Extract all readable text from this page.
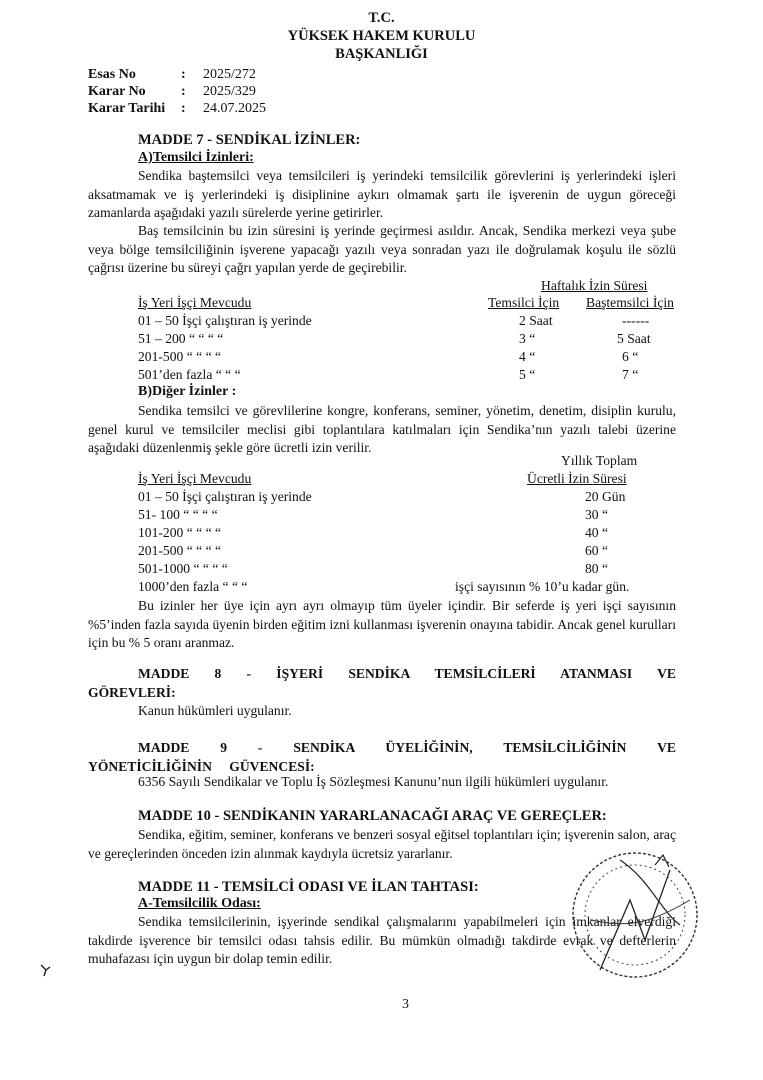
T.C.
YÜKSEK HAKEM KURULU
BAŞKANLIĞI
Esas No	: 2025/272
Karar No	: 2025/329
Karar Tarihi : 24.07.2025
MADDE 7 - SENDİKAL İZİNLER:
A)Temsilci İzinleri:
Sendika baştemsilci veya temsilcileri iş yerindeki temsilcilik görevlerini iş yerlerindeki işleri aksatmamak ve iş yerlerindeki iş disiplinine aykırı olmamak şartı ile işverenin de uygun göreceği zamanlarda aşağıdaki yazılı sürelerde yerine getirirler.
Baş temsilcinin bu izin süresini iş yerinde geçirmesi asıldır. Ancak, Sendika merkezi veya şube veya bölge temsilciliğinin işverene yapacağı yazılı veya sonradan yazı ile doğrulamak koşulu ile sözlü çağrısı üzerine bu süreyi çağrı yapılan yerde de geçirebilir.
Haftalık İzin Süresi
İş Yeri İşçi Mevcudu	Temsilci İçin Baştemsilci İçin
01 – 50 İşçi çalıştıran iş yerinde	2 Saat	------
51 – 200 “ “ “ “	3 “	5 Saat
201-500 “ “ “ “	4 “	6 “
501’den fazla “ “ “	5 “	7 “
B)Diğer İzinler :
Sendika temsilci ve görevlilerine kongre, konferans, seminer, yönetim, denetim, disiplin kurulu, genel kurul ve temsilciler meclisi gibi toplantılara katılmaları için Sendika’nın yazılı talebi üzerine aşağıdaki düzenlenmiş şekle göre ücretli izin verilir.
Yıllık Toplam
İş Yeri İşçi Mevcudu	Ücretli İzin Süresi
01 – 50 İşçi çalıştıran iş yerinde	20 Gün
51- 100 “ “ “ “	30 “
101-200 “ “ “ “	40 “
201-500 “ “ “ “	60 “
501-1000 “ “ “ “	80 “
1000’den fazla “ “ “	işçi sayısının % 10’u kadar gün.
Bu izinler her üye için ayrı ayrı olmayıp tüm üyeler içindir. Bir seferde iş yeri işçi sayısının %5’inden fazla sayıda üyenin birden eğitim izni kullanması işverenin onayına tabidir. Ancak genel kurulları için bu % 5 oranı aranmaz.
MADDE 8 - İŞYERİ SENDİKA TEMSİLCİLERİ ATANMASI VE GÖREVLERİ:
Kanun hükümleri uygulanır.
MADDE 9 - SENDİKA ÜYELİĞİNİN, TEMSİLCİLİĞİNİN VE YÖNETİCİLİĞİNİN GÜVENCESİ:
6356 Sayılı Sendikalar ve Toplu İş Sözleşmesi Kanunu’nun ilgili hükümleri uygulanır.
MADDE 10 - SENDİKANIN YARARLANACAĞI ARAÇ VE GEREÇLER:
Sendika, eğitim, seminer, konferans ve benzeri sosyal eğitsel toplantıları için; işverenin salon, araç ve gereçlerinden önceden izin alınmak kaydıyla ücretsiz yararlanır.
MADDE 11 - TEMSİLCİ ODASI VE İLAN TAHTASI:
A-Temsilcilik Odası:
Sendika temsilcilerinin, işyerinde sendikal çalışmalarını yapabilmeleri için imkanlar elverdiği takdirde işverence bir temsilci odası tahsis edilir. Bu mümkün olmadığı takdirde evrak ve defterlerin muhafazası için uygun bir dolap temin edilir.
3
